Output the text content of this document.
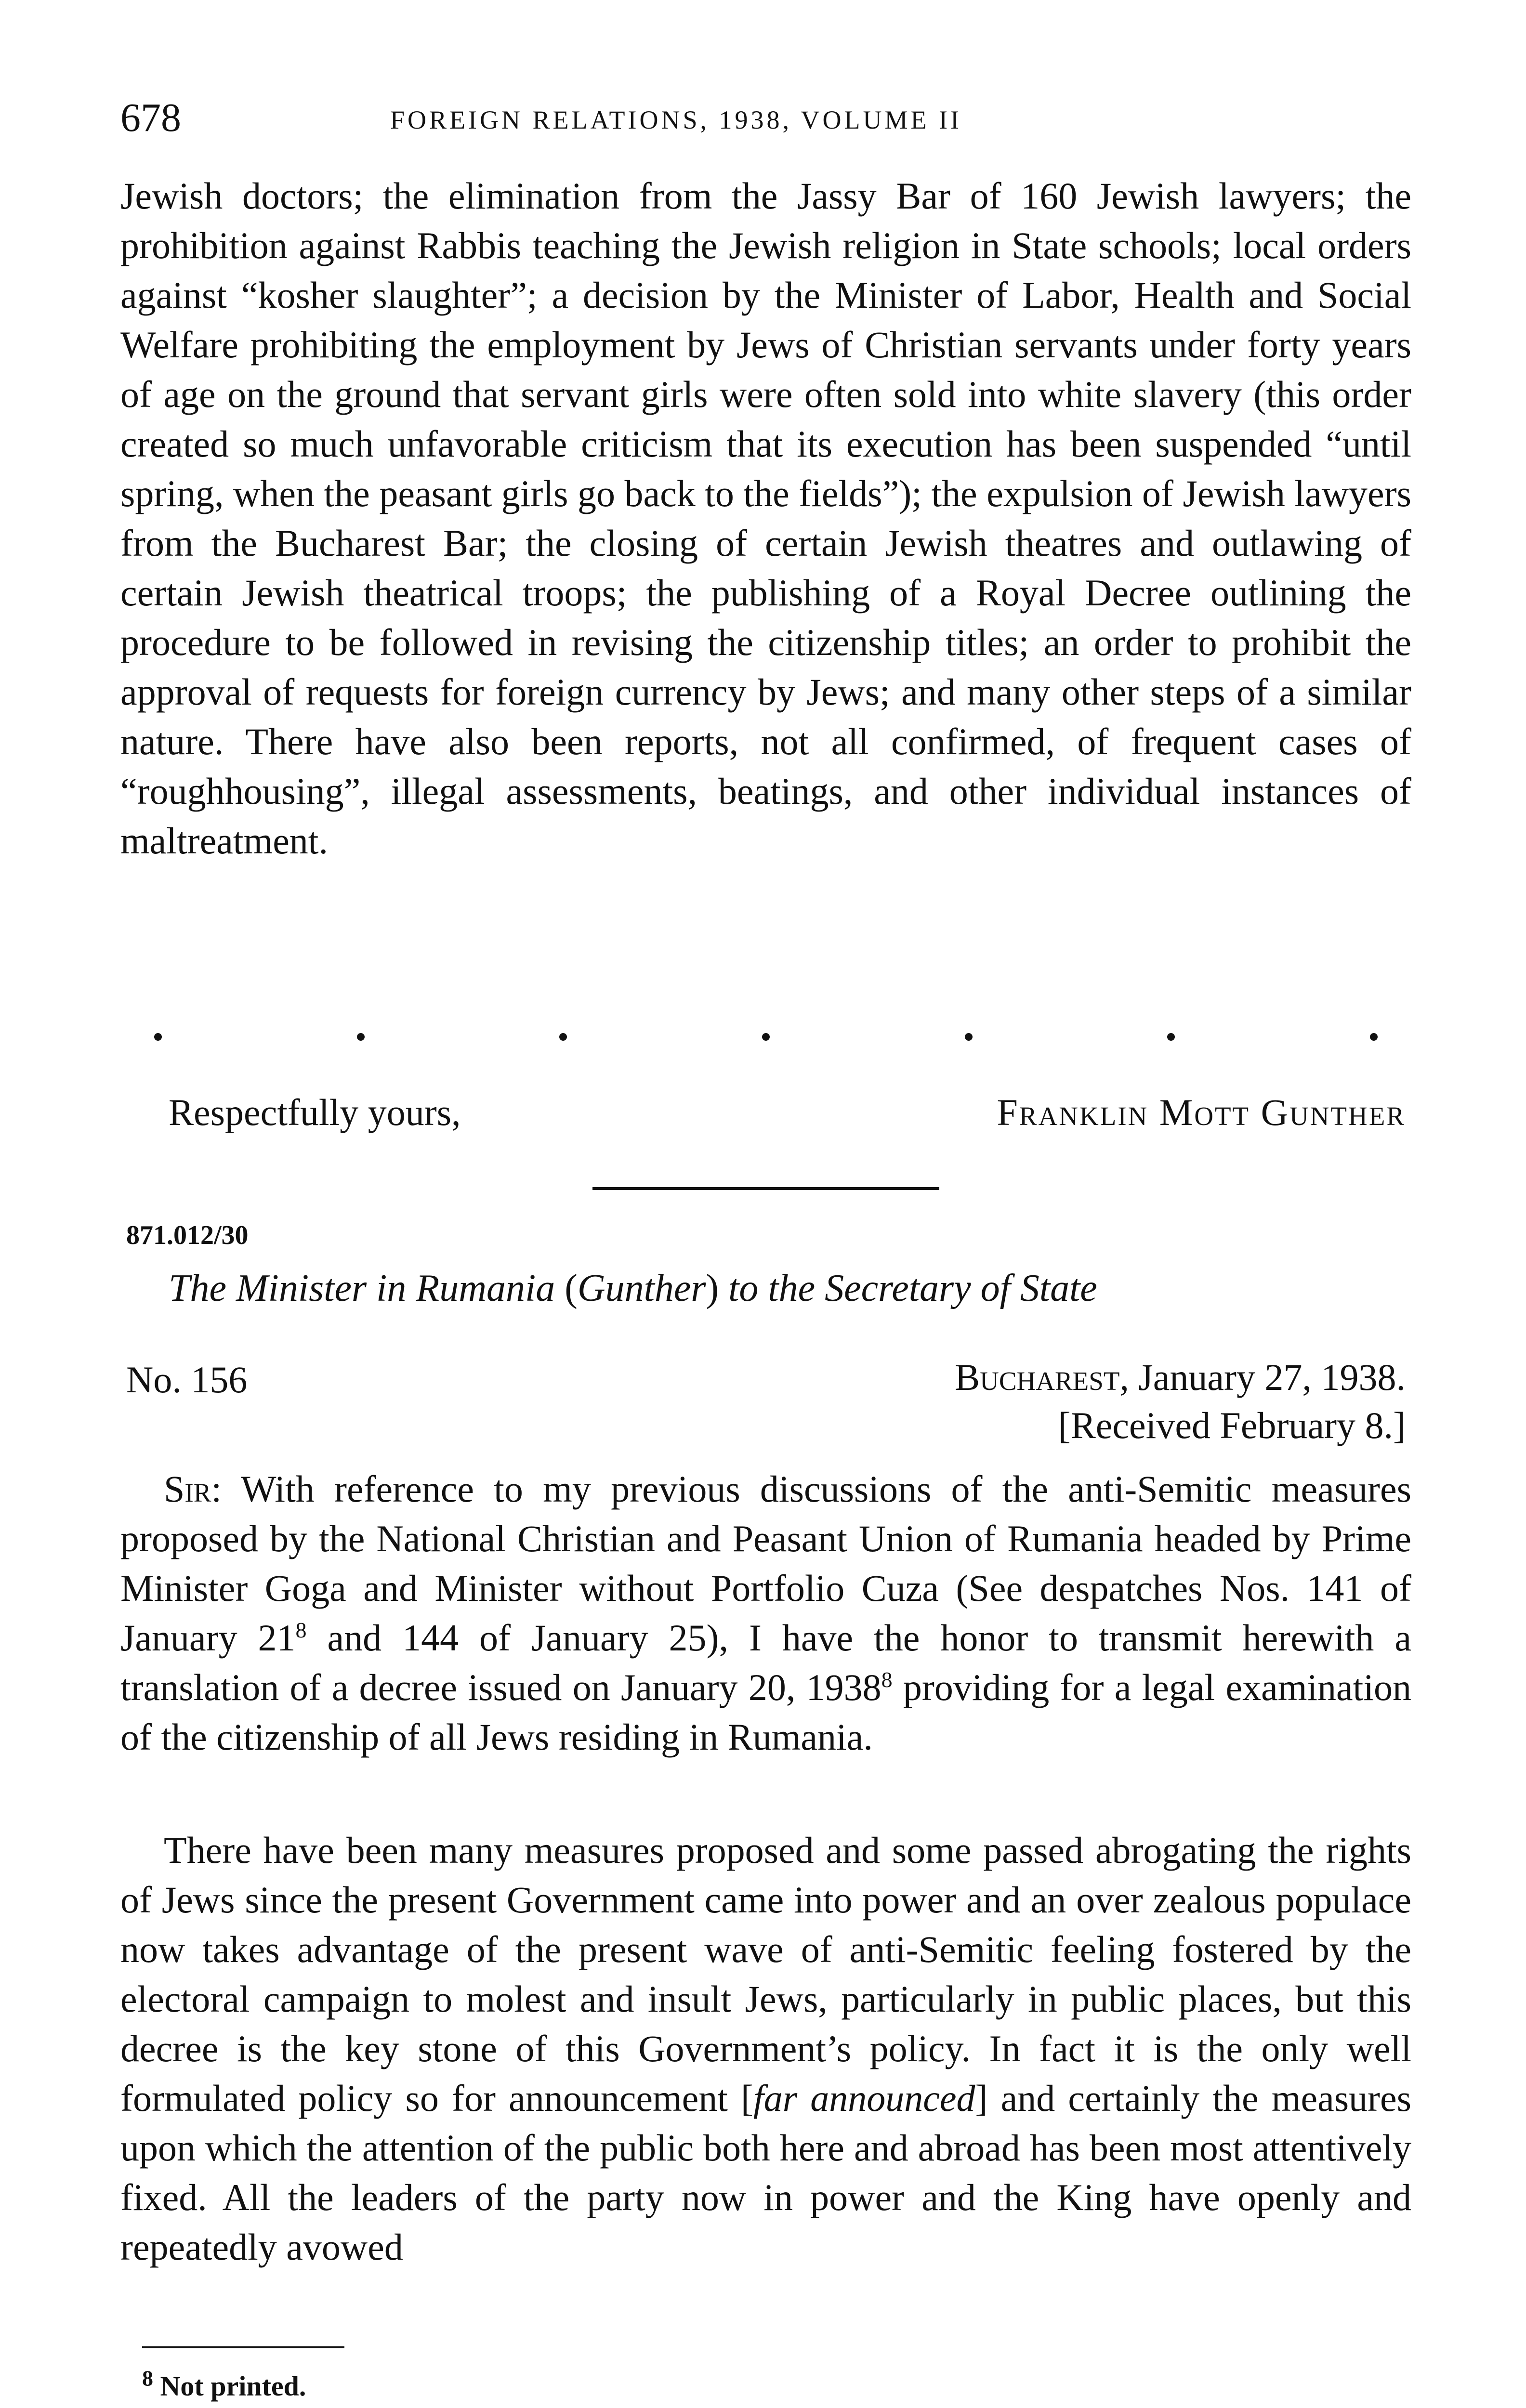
678	FOREIGN RELATIONS, 1938, VOLUME II

Jewish doctors; the elimination from the Jassy Bar of 160 Jewish lawyers; the prohibition against Rabbis teaching the Jewish religion in State schools; local orders against “kosher slaughter”; a decision by the Minister of Labor, Health and Social Welfare prohibiting the employment by Jews of Christian servants under forty years of age on the ground that servant girls were often sold into white slavery (this order created so much unfavorable criticism that its execution has been suspended “until spring, when the peasant girls go back to the fields”); the expulsion of Jewish lawyers from the Bucharest Bar; the closing of certain Jewish theatres and outlawing of certain Jewish theatrical troops; the publishing of a Royal Decree outlining the procedure to be followed in revising the citizenship titles; an order to prohibit the approval of requests for foreign currency by Jews; and many other steps of a similar nature. There have also been reports, not all confirmed, of frequent cases of “roughhousing”, illegal assessments, beatings, and other individual instances of maltreatment.

Respectfully yours,	Franklin Mott Gunther
871.012/30
The Minister in Rumania (Gunther) to the Secretary of State
No. 156	Bucharest, January 27, 1938.
[Received February 8.]

Sir: With reference to my previous discussions of the anti-Semitic measures proposed by the National Christian and Peasant Union of Rumania headed by Prime Minister Goga and Minister without Portfolio Cuza (See despatches Nos. 141 of January $21^8$ and 144 of January 25), I have the honor to transmit herewith a translation of a decree issued on January 20, 1938$^8$ providing for a legal examination of the citizenship of all Jews residing in Rumania.

There have been many measures proposed and some passed abrogating the rights of Jews since the present Government came into power and an over zealous populace now takes advantage of the present wave of anti-Semitic feeling fostered by the electoral campaign to molest and insult Jews, particularly in public places, but this decree is the key stone of this Government’s policy. In fact it is the only well formulated policy so for announcement [far announced] and certainly the measures upon which the attention of the public both here and abroad has been most attentively fixed. All the leaders of the party now in power and the King have openly and repeatedly avowed

$^8$ Not printed.
